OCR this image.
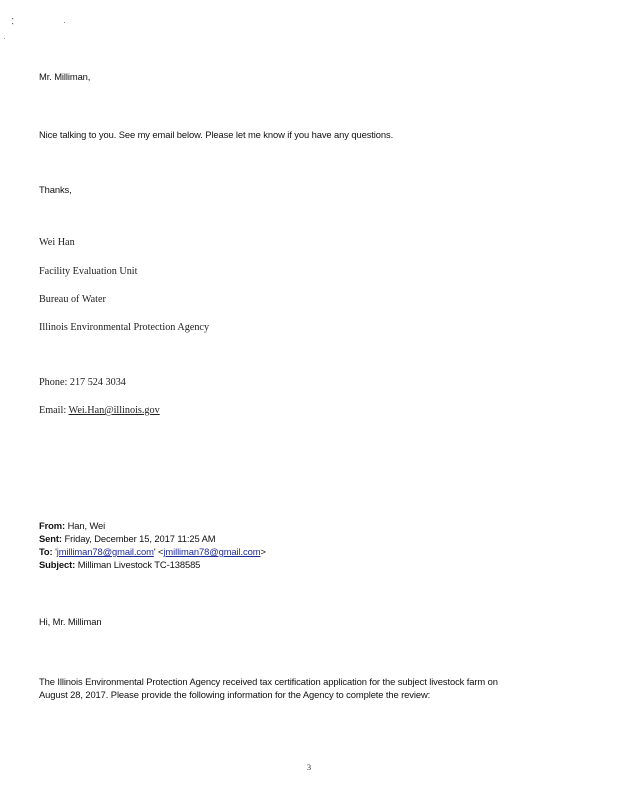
Mr. Milliman,
Nice talking to you. See my email below. Please let me know if you have any questions.
Thanks,
Wei Han
Facility Evaluation Unit
Bureau of Water
Illinois Environmental Protection Agency
Phone: 217 524 3034
Email: Wei.Han@illinois.gov
From: Han, Wei
Sent: Friday, December 15, 2017 11:25 AM
To: 'jmilliman78@gmail.com' <jmilliman78@gmail.com>
Subject: Milliman Livestock TC-138585
Hi, Mr. Milliman
The Illinois Environmental Protection Agency received tax certification application for the subject livestock farm on
August 28, 2017. Please provide the following information for the Agency to complete the review:
3
